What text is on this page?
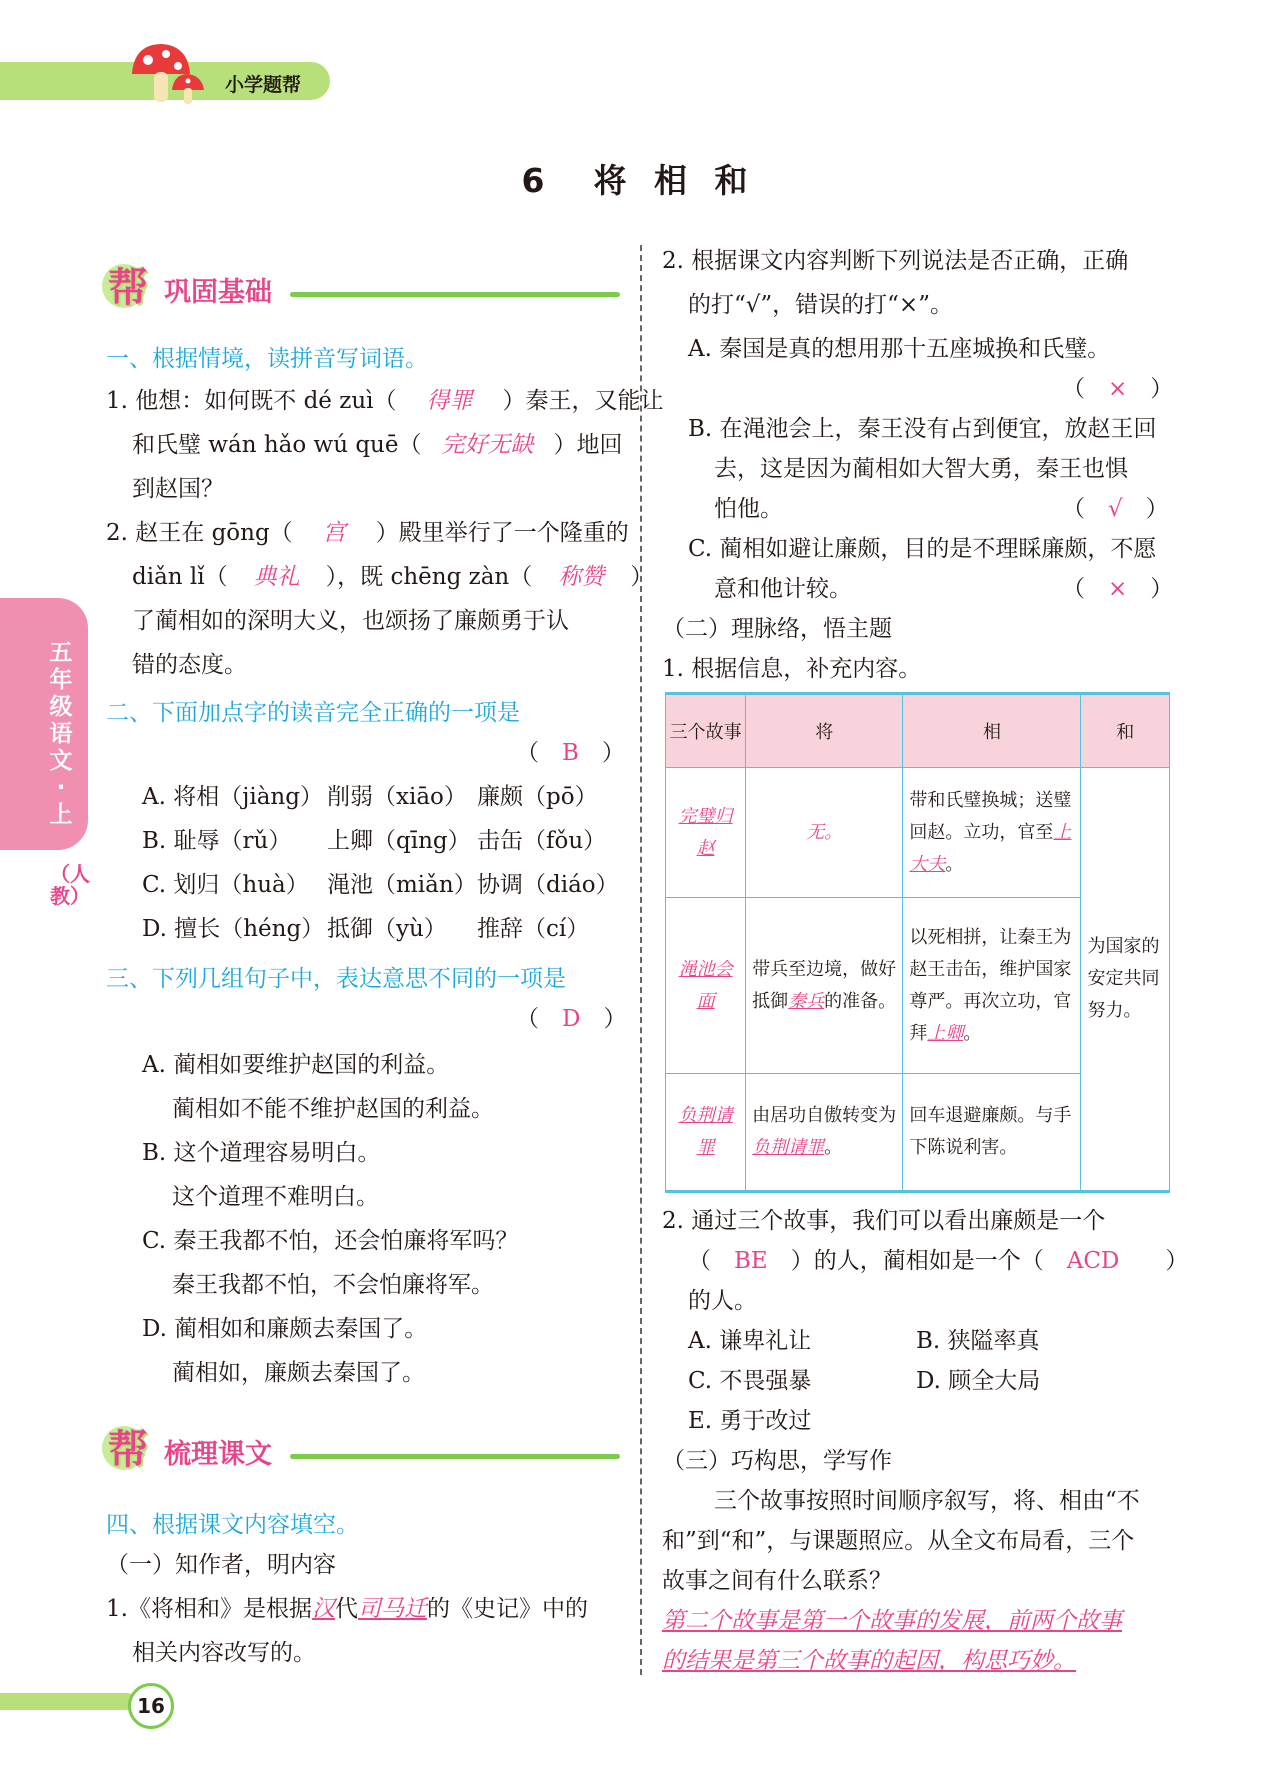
小学题帮
6　将 相 和
五年级语文·上
（人教）
帮 巩固基础
一、根据情境，读拼音写词语。
1. 他想：如何既不 dé zuì（ 得罪 ）秦王，又能让
和氏璧 wán hǎo wú quē（ 完好无缺 ）地回
到赵国？
2. 赵王在 gōng（ 宫 ）殿里举行了一个隆重的
diǎn lǐ（ 典礼 ），既 chēng zàn（ 称赞 ）
了蔺相如的深明大义，也颂扬了廉颇勇于认
错的态度。
二、下面加点字的读音完全正确的一项是
（　B　）
A. 将相（jiàng） 削弱（xiāo） 廉颇（pō）
B. 耻辱（rǔ） 上卿（qīng） 击缶（fǒu）
C. 划归（huà） 渑池（miǎn）协调（diáo）
D. 擅长（héng） 抵御（yù） 推辞（cí）
三、下列几组句子中，表达意思不同的一项是
（　D　）
A. 蔺相如要维护赵国的利益。
蔺相如不能不维护赵国的利益。
B. 这个道理容易明白。
这个道理不难明白。
C. 秦王我都不怕，还会怕廉将军吗？
秦王我都不怕，不会怕廉将军。
D. 蔺相如和廉颇去秦国了。
蔺相如，廉颇去秦国了。
帮 梳理课文
四、根据课文内容填空。
（一）知作者，明内容
1.《将相和》是根据汉代司马迁的《史记》中的
相关内容改写的。
2. 根据课文内容判断下列说法是否正确，正确
的打“√”，错误的打“×”。
A. 秦国是真的想用那十五座城换和氏璧。
（　×　）
B. 在渑池会上，秦王没有占到便宜，放赵王回
去，这是因为蔺相如大智大勇，秦王也惧
怕他。	（　√　）
C. 蔺相如避让廉颇，目的是不理睬廉颇，不愿
意和他计较。	（　×　）
（二）理脉络，悟主题
1. 根据信息，补充内容。
三个故事	将	相	和
完璧归赵	无。	带和氏璧换城；送璧回赵。立功，官至上大夫。	为国家的安定共同努力。
渑池会面	带兵至边境，做好抵御秦兵的准备。	以死相拼，让秦王为赵王击缶，维护国家尊严。再次立功，官拜上卿。	
负荆请罪	由居功自傲转变为负荆请罪。	回车退避廉颇。与手下陈说利害。	
2. 通过三个故事，我们可以看出廉颇是一个
（　BE　 ）的人，蔺相如是一个（　 ACD　　）
的人。
A. 谦卑礼让	B. 狭隘率真
C. 不畏强暴	D. 顾全大局
E. 勇于改过
（三）巧构思，学写作
三个故事按照时间顺序叙写，将、相由“不
和”到“和”，与课题照应。从全文布局看，三个
故事之间有什么联系？
第二个故事是第一个故事的发展，前两个故事
的结果是第三个故事的起因，构思巧妙。
16
